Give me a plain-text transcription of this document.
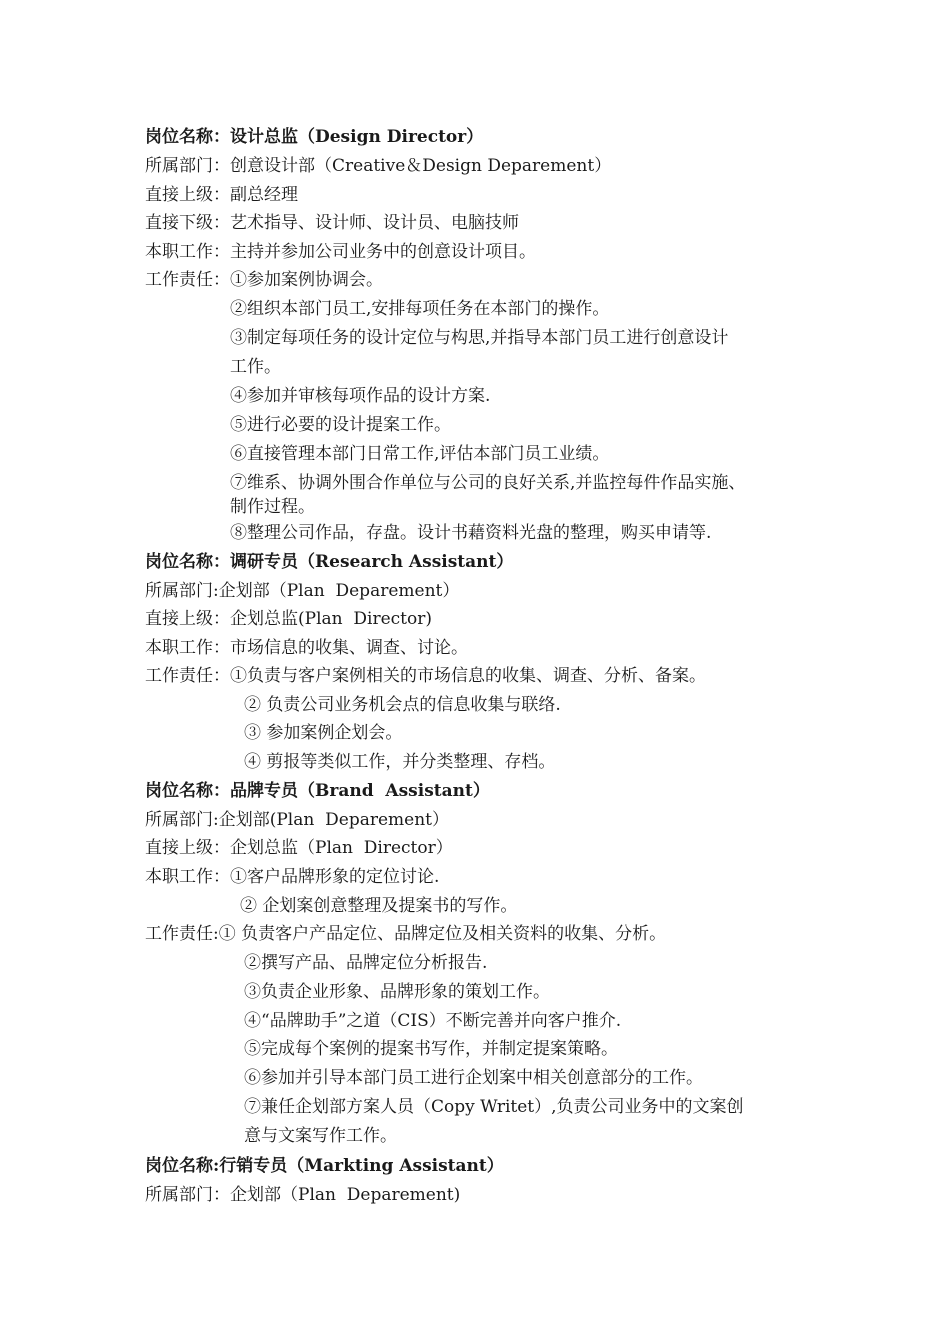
岗位名称：设计总监（Design Director）
所属部门：创意设计部（Creative＆Design Deparement）
直接上级：副总经理
直接下级：艺术指导、设计师、设计员、电脑技师
本职工作：主持并参加公司业务中的创意设计项目。
工作责任：①参加案例协调会。
②组织本部门员工,安排每项任务在本部门的操作。
③制定每项任务的设计定位与构思,并指导本部门员工进行创意设计
工作。
④参加并审核每项作品的设计方案.
⑤进行必要的设计提案工作。
⑥直接管理本部门日常工作,评估本部门员工业绩。
⑦维系、协调外围合作单位与公司的良好关系,并监控每件作品实施、
制作过程。
⑧整理公司作品，存盘。设计书藉资料光盘的整理，购买申请等.
岗位名称：调研专员（Research Assistant）
所属部门:企划部（Plan  Deparement）
直接上级：企划总监(Plan  Director)
本职工作：市场信息的收集、调查、讨论。
工作责任：①负责与客户案例相关的市场信息的收集、调查、分析、备案。
② 负责公司业务机会点的信息收集与联络.
③ 参加案例企划会。
④ 剪报等类似工作，并分类整理、存档。
岗位名称：品牌专员（Brand  Assistant）
所属部门:企划部(Plan  Deparement）
直接上级：企划总监（Plan  Director）
本职工作：①客户品牌形象的定位讨论.
② 企划案创意整理及提案书的写作。
工作责任:① 负责客户产品定位、品牌定位及相关资料的收集、分析。
②撰写产品、品牌定位分析报告.
③负责企业形象、品牌形象的策划工作。
④“品牌助手”之道（CIS）不断完善并向客户推介.
⑤完成每个案例的提案书写作，并制定提案策略。
⑥参加并引导本部门员工进行企划案中相关创意部分的工作。
⑦兼任企划部方案人员（Copy Writet）,负责公司业务中的文案创
意与文案写作工作。
岗位名称:行销专员（Markting Assistant）
所属部门：企划部（Plan  Deparement)
